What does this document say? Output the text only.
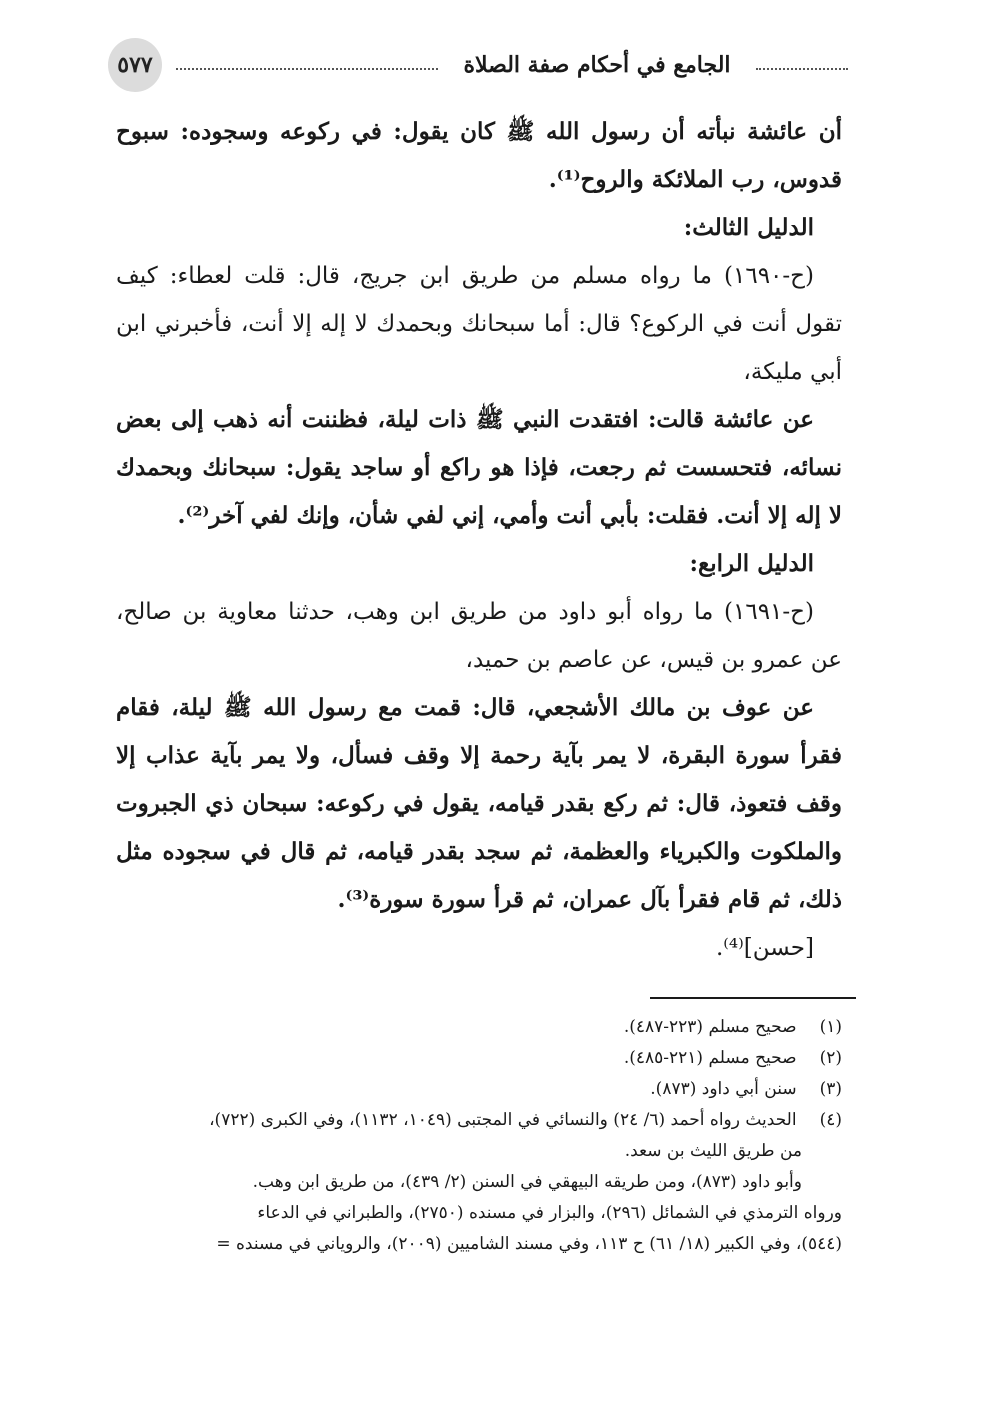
٥٧٧	الجامع في أحكام صفة الصلاة
أن عائشة نبأته أن رسول الله ﷺ كان يقول: في ركوعه وسجوده: سبوح
قدوس، رب الملائكة والروح⁽¹⁾.
الدليل الثالث:
(ح-١٦٩٠) ما رواه مسلم من طريق ابن جريج، قال: قلت لعطاء: كيف
تقول أنت في الركوع؟ قال: أما سبحانك وبحمدك لا إله إلا أنت، فأخبرني ابن
أبي مليكة،
عن عائشة قالت: افتقدت النبي ﷺ ذات ليلة، فظننت أنه ذهب إلى بعض
نسائه، فتحسست ثم رجعت، فإذا هو راكع أو ساجد يقول: سبحانك وبحمدك
لا إله إلا أنت. فقلت: بأبي أنت وأمي، إني لفي شأن، وإنك لفي آخر⁽²⁾.
الدليل الرابع:
(ح-١٦٩١) ما رواه أبو داود من طريق ابن وهب، حدثنا معاوية بن صالح،
عن عمرو بن قيس، عن عاصم بن حميد،
عن عوف بن مالك الأشجعي، قال: قمت مع رسول الله ﷺ ليلة، فقام
فقرأ سورة البقرة، لا يمر بآية رحمة إلا وقف فسأل، ولا يمر بآية عذاب إلا
وقف فتعوذ، قال: ثم ركع بقدر قيامه، يقول في ركوعه: سبحان ذي الجبروت
والملكوت والكبرياء والعظمة، ثم سجد بقدر قيامه، ثم قال في سجوده مثل
ذلك، ثم قام فقرأ بآل عمران، ثم قرأ سورة سورة⁽³⁾.
[حسن]⁽⁴⁾.
(١) صحيح مسلم (٢٢٣-٤٨٧).
(٢) صحيح مسلم (٢٢١-٤٨٥).
(٣) سنن أبي داود (٨٧٣).
(٤) الحديث رواه أحمد (٦/ ٢٤) والنسائي في المجتبى (١٠٤٩، ١١٣٢)، وفي الكبرى (٧٢٢)،
من طريق الليث بن سعد.
وأبو داود (٨٧٣)، ومن طريقه البيهقي في السنن (٢/ ٤٣٩)، من طريق ابن وهب.
ورواه الترمذي في الشمائل (٢٩٦)، والبزار في مسنده (٢٧٥٠)، والطبراني في الدعاء
(٥٤٤)، وفي الكبير (١٨/ ٦١) ح ١١٣، وفي مسند الشاميين (٢٠٠٩)، والروياني في مسنده =
